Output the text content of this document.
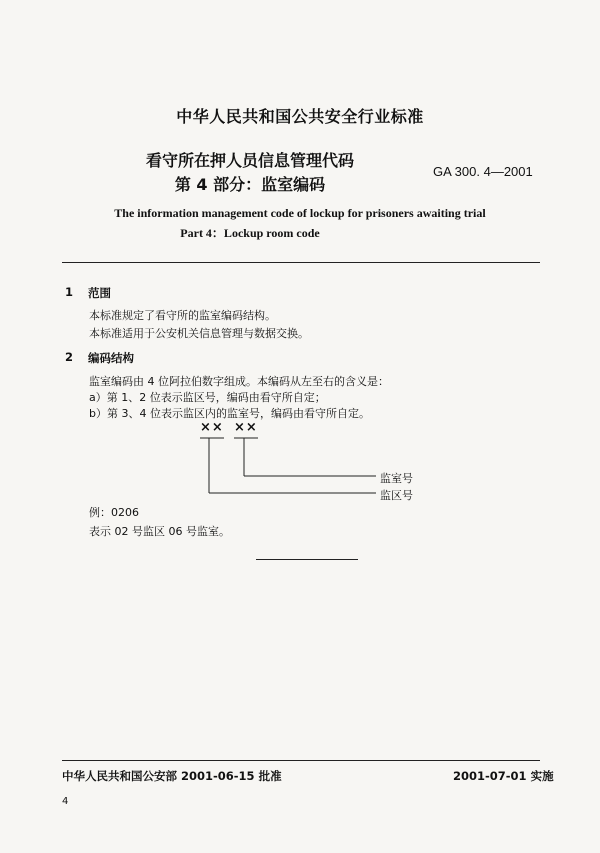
中华人民共和国公共安全行业标准
看守所在押人员信息管理代码
第 4 部分：监室编码
GA 300. 4—2001
The information management code of lockup for prisoners awaiting trial
Part 4：Lockup room code
1 范围
本标准规定了看守所的监室编码结构。
本标准适用于公安机关信息管理与数据交换。
2 编码结构
监室编码由 4 位阿拉伯数字组成。本编码从左至右的含义是：
a）第 1、2 位表示监区号，编码由看守所自定；
b）第 3、4 位表示监区内的监室号，编码由看守所自定。
×× ××
监室号
监区号
例：0206
表示 02 号监区 06 号监室。
中华人民共和国公安部 2001-06-15 批准	2001-07-01 实施
4
